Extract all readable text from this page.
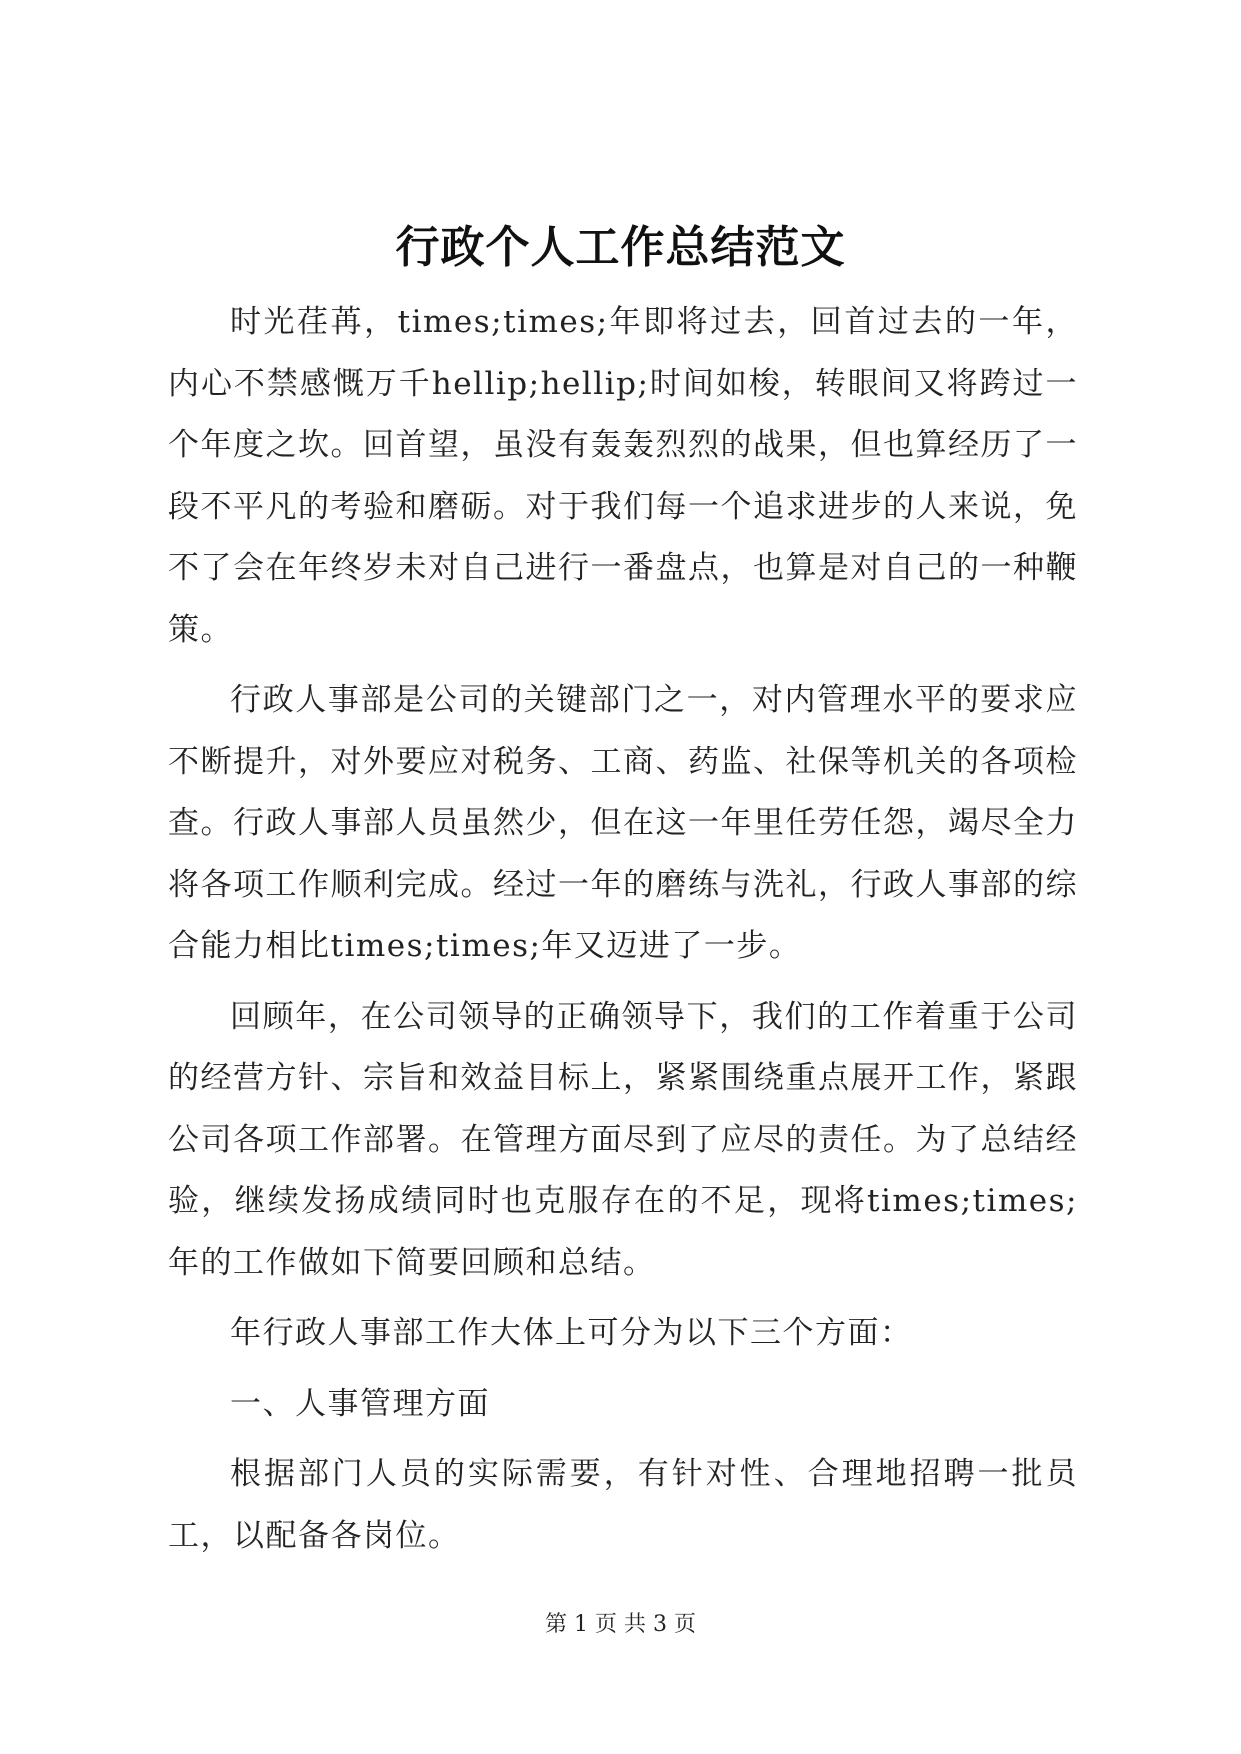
行政个人工作总结范文

时光荏苒，times;times;年即将过去，回首过去的一年，内心不禁感慨万千hellip;hellip;时间如梭，转眼间又将跨过一个年度之坎。回首望，虽没有轰轰烈烈的战果，但也算经历了一段不平凡的考验和磨砺。对于我们每一个追求进步的人来说，免不了会在年终岁未对自己进行一番盘点，也算是对自己的一种鞭策。

行政人事部是公司的关键部门之一，对内管理水平的要求应不断提升，对外要应对税务、工商、药监、社保等机关的各项检查。行政人事部人员虽然少，但在这一年里任劳任怨，竭尽全力将各项工作顺利完成。经过一年的磨练与洗礼，行政人事部的综合能力相比times;times;年又迈进了一步。

回顾年，在公司领导的正确领导下，我们的工作着重于公司的经营方针、宗旨和效益目标上，紧紧围绕重点展开工作，紧跟公司各项工作部署。在管理方面尽到了应尽的责任。为了总结经验，继续发扬成绩同时也克服存在的不足，现将times;times;年的工作做如下简要回顾和总结。

年行政人事部工作大体上可分为以下三个方面：

一、人事管理方面

根据部门人员的实际需要，有针对性、合理地招聘一批员工，以配备各岗位。

第 1 页 共 3 页
